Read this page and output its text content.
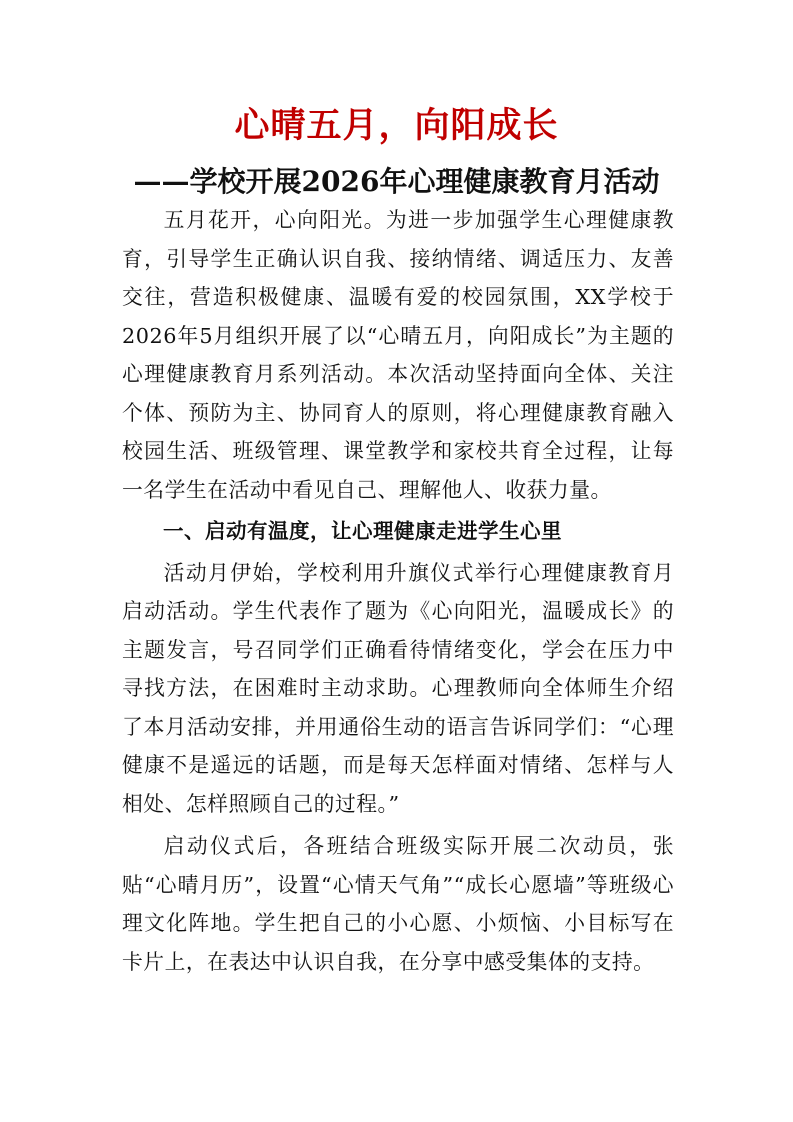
心晴五月，向阳成长
——学校开展2026年心理健康教育月活动

五月花开，心向阳光。为进一步加强学生心理健康教育，引导学生正确认识自我、接纳情绪、调适压力、友善交往，营造积极健康、温暖有爱的校园氛围，XX学校于2026年5月组织开展了以“心晴五月，向阳成长”为主题的心理健康教育月系列活动。本次活动坚持面向全体、关注个体、预防为主、协同育人的原则，将心理健康教育融入校园生活、班级管理、课堂教学和家校共育全过程，让每一名学生在活动中看见自己、理解他人、收获力量。

一、启动有温度，让心理健康走进学生心里

活动月伊始，学校利用升旗仪式举行心理健康教育月启动活动。学生代表作了题为《心向阳光，温暖成长》的主题发言，号召同学们正确看待情绪变化，学会在压力中寻找方法，在困难时主动求助。心理教师向全体师生介绍了本月活动安排，并用通俗生动的语言告诉同学们：“心理健康不是遥远的话题，而是每天怎样面对情绪、怎样与人相处、怎样照顾自己的过程。”

启动仪式后，各班结合班级实际开展二次动员，张贴“心晴月历”，设置“心情天气角”“成长心愿墙”等班级心理文化阵地。学生把自己的小心愿、小烦恼、小目标写在卡片上，在表达中认识自我，在分享中感受集体的支持。
